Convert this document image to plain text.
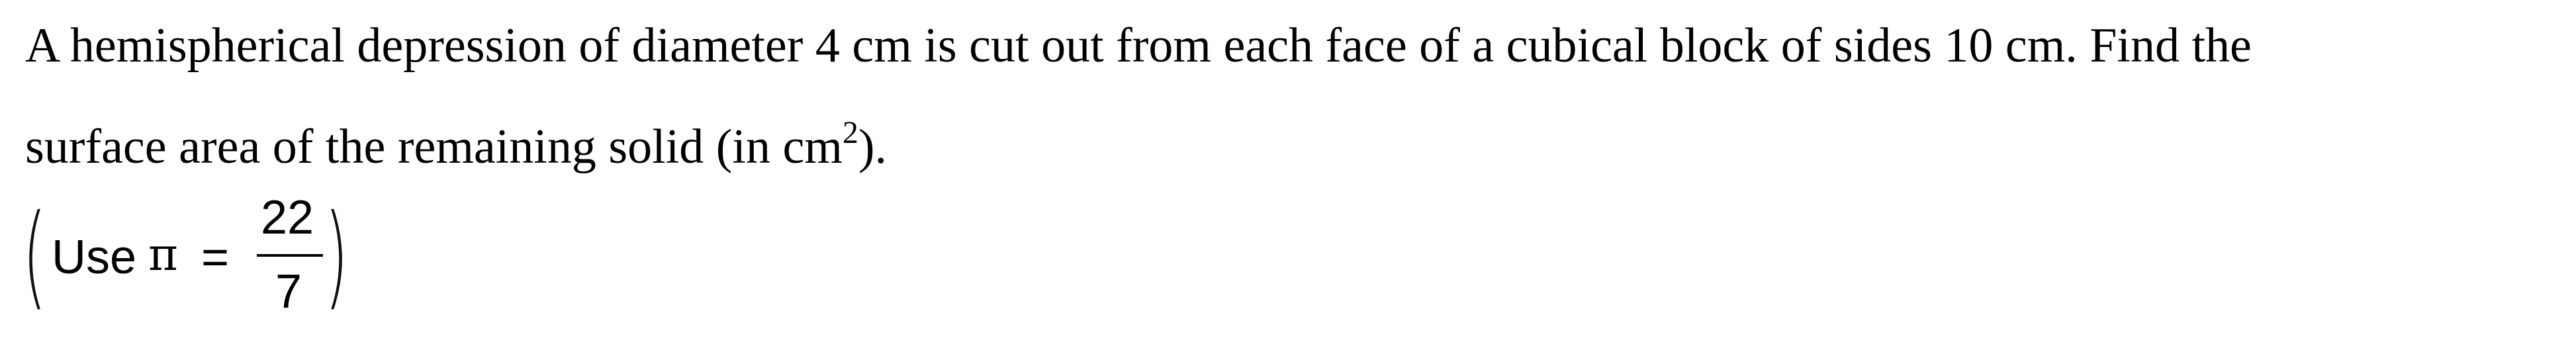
A hemispherical depression of diameter 4 cm is cut out from each face of a cubical block of sides 10 cm. Find the
surface area of the remaining solid (in $cm^2$).
( Use π =
22
7 )
